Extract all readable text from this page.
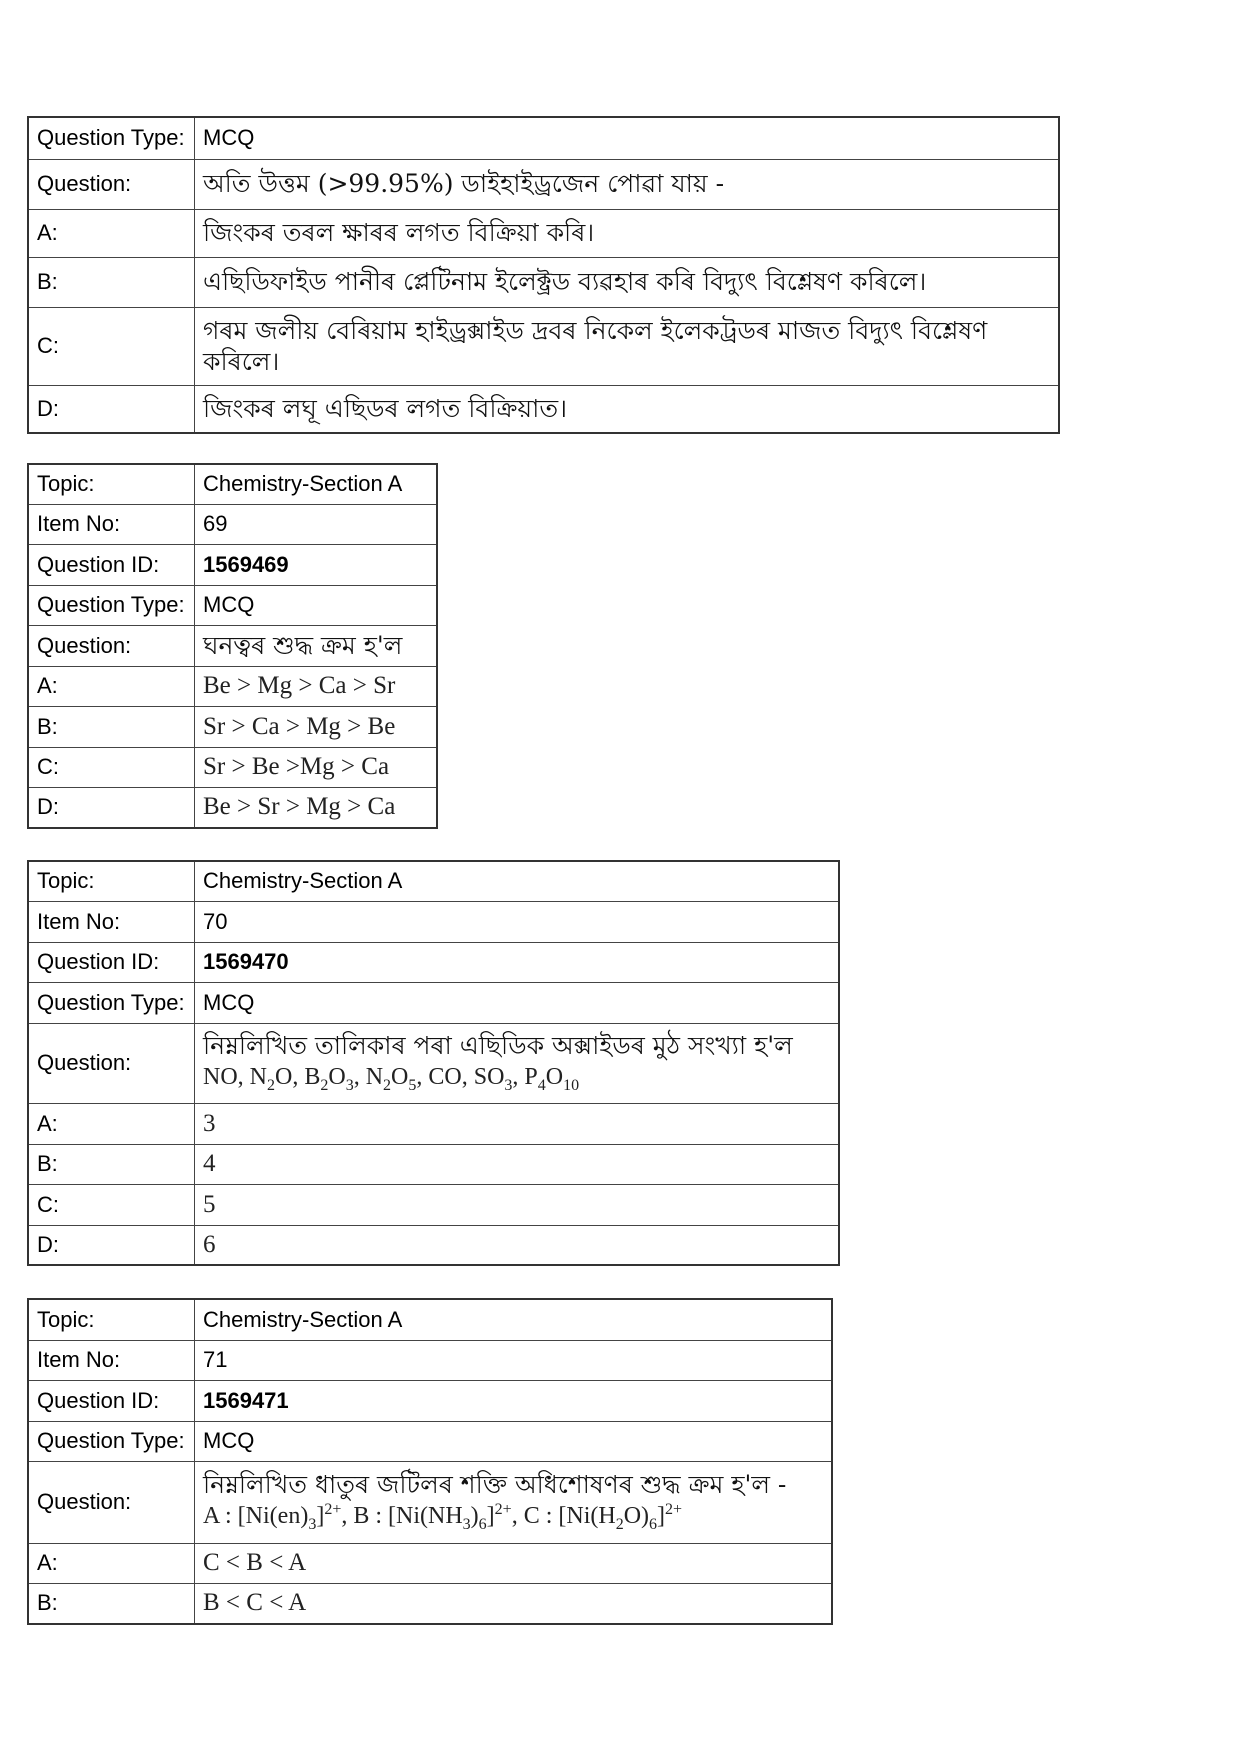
Question Type:	MCQ
Question:	অতি উত্তম (>99.95%) ডাইহাইড্ৰজেন পোৱা যায় -
A:	জিংকৰ তৰল ক্ষাৰৰ লগত বিক্ৰিয়া কৰি।
B:	এছিডিফাইড পানীৰ প্লেটিনাম ইলেক্ট্ৰড ব্যৱহাৰ কৰি বিদ্যুৎ বিশ্লেষণ কৰিলে।
C:	গৰম জলীয় বেৰিয়াম হাইড্ৰক্সাইড দ্ৰবৰ নিকেল ইলেকট্ৰডৰ মাজত বিদ্যুৎ বিশ্লেষণ কৰিলে।
D:	জিংকৰ লঘূ এছিডৰ লগত বিক্ৰিয়াত।
Topic:	Chemistry-Section A
Item No:	69
Question ID:	1569469
Question Type:	MCQ
Question:	ঘনত্বৰ শুদ্ধ ক্ৰম হ'ল
A:	Be > Mg > Ca > Sr
B:	Sr > Ca > Mg > Be
C:	Sr > Be >Mg > Ca
D:	Be > Sr > Mg > Ca
Topic:	Chemistry-Section A
Item No:	70
Question ID:	1569470
Question Type:	MCQ
Question:	নিম্নলিখিত তালিকাৰ পৰা এছিডিক অক্সাইডৰ মুঠ সংখ্যা হ'ল
NO, $N_2O$, $B_2O_3$, $N_2O_5$, CO, $SO_3$, $P_4O_{10}$

A:	3
B:	4
C:	5
D:	6
Topic:	Chemistry-Section A
Item No:	71
Question ID:	1569471
Question Type:	MCQ
Question:	নিম্নলিখিত ধাতুৰ জটিলৰ শক্তি অধিশোষণৰ শুদ্ধ ক্ৰম হ'ল -
A : $[Ni(en)_3]^{2+}$, B : $[Ni(NH_3)_6]^{2+}$, C : $[Ni(H_2O)_6]^{2+}$

A:	C < B < A
B:	B < C < A
